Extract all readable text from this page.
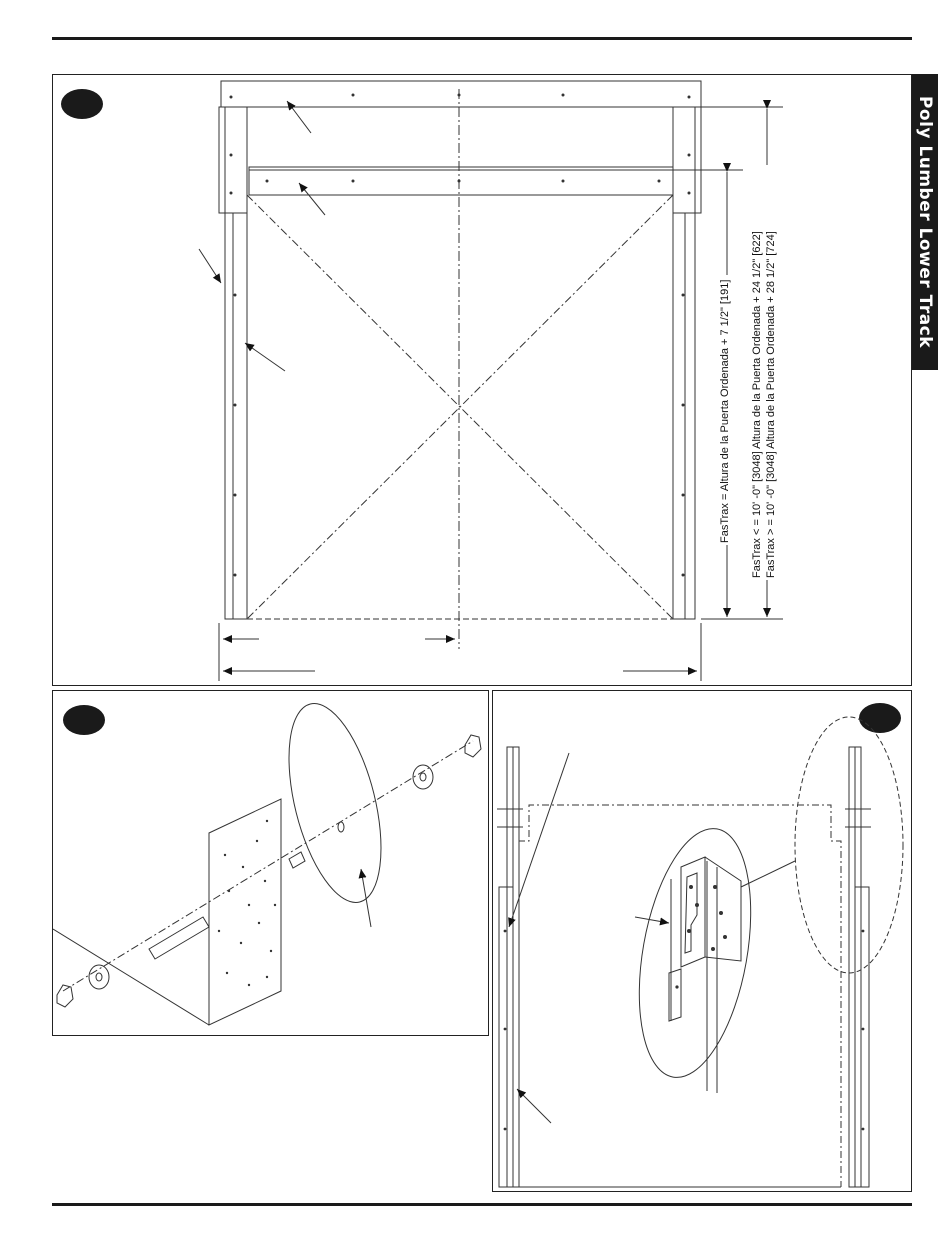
Poly Lumber Lower Track
FasTrax = Altura de la Puerta Ordenada + 7 1/2" [191] FasTrax < = 10' -0" [3048] Altura de la Puerta Ordenada + 24 1/2" [622] FasTrax > = 10' -0" [3048] Altura de la Puerta Ordenada + 28 1/2" [724]
